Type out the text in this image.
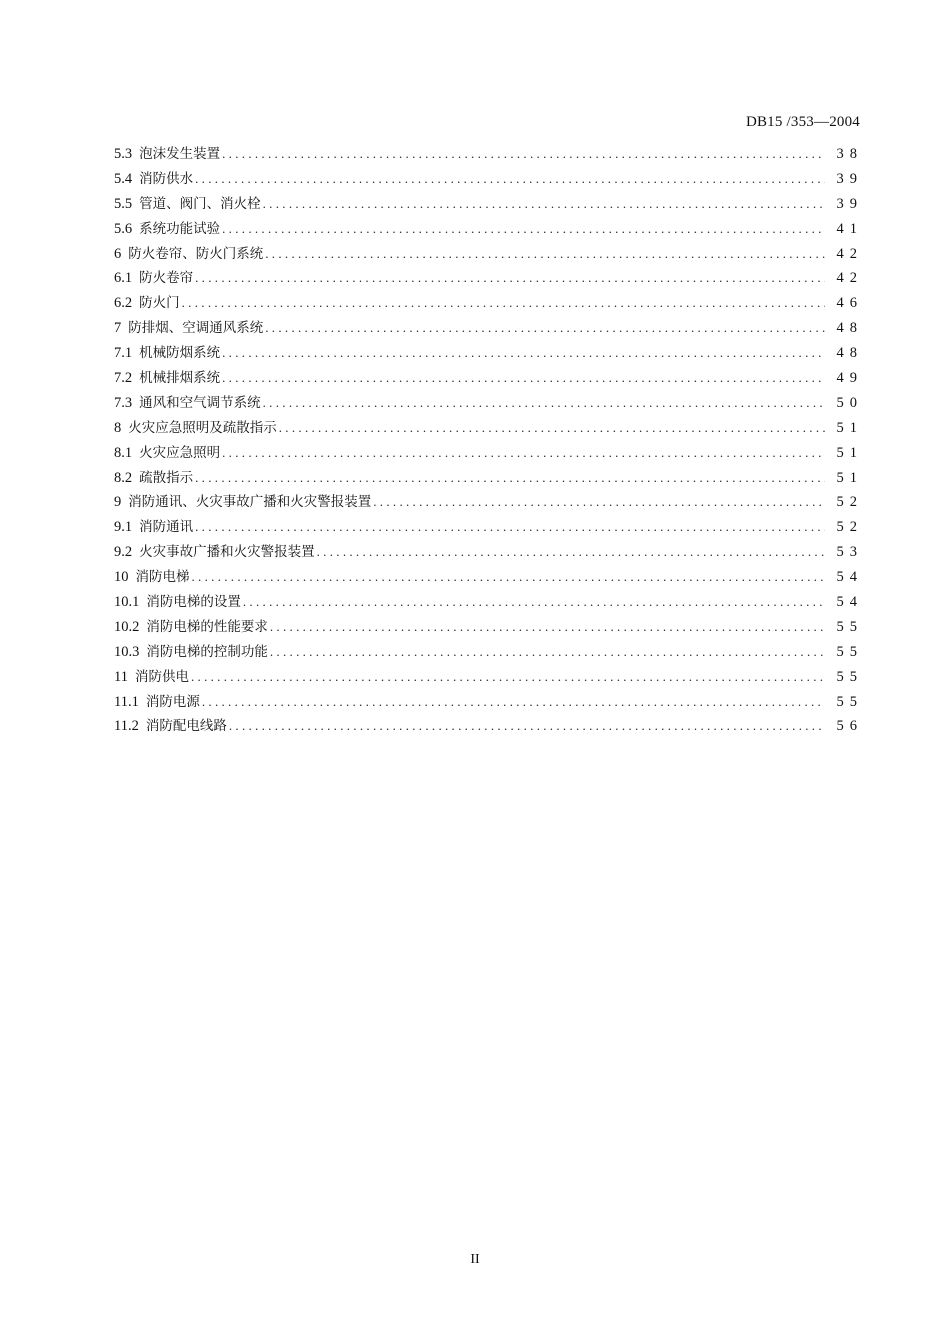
DB15 /353—2004
5.3 泡沫发生装置 .....	38
5.4 消防供水 .....	39
5.5 管道、阀门、消火栓 .....	39
5.6 系统功能试验 .....	41
6 防火卷帘、防火门系统 .....	42
6.1 防火卷帘 .....	42
6.2 防火门 .....	46
7 防排烟、空调通风系统 .....	48
7.1 机械防烟系统 .....	48
7.2 机械排烟系统 .....	49
7.3 通风和空气调节系统 .....	50
8 火灾应急照明及疏散指示 .....	51
8.1 火灾应急照明 .....	51
8.2 疏散指示 .....	51
9 消防通讯、火灾事故广播和火灾警报装置 .....	52
9.1 消防通讯 .....	52
9.2 火灾事故广播和火灾警报装置 .....	53
10 消防电梯 .....	54
10.1 消防电梯的设置 .....	54
10.2 消防电梯的性能要求 .....	55
10.3 消防电梯的控制功能 .....	55
11 消防供电 .....	55
11.1 消防电源 .....	55
11.2 消防配电线路 .....	56
II
